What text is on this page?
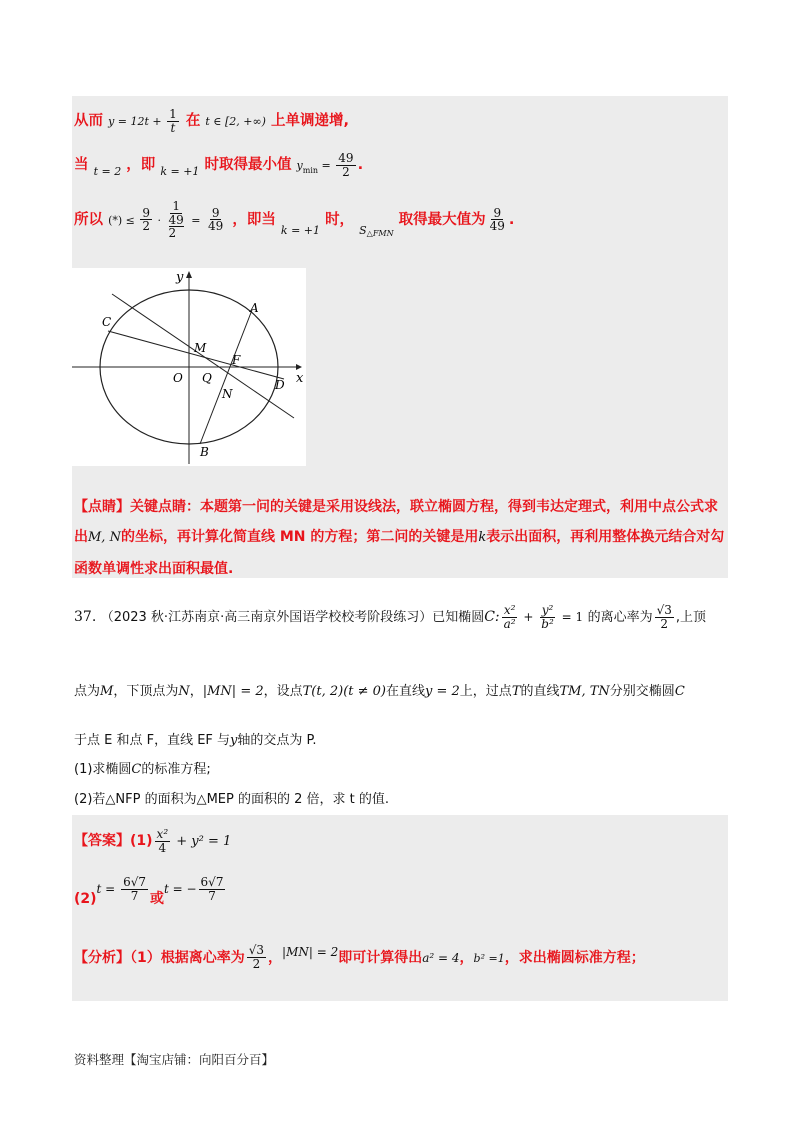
从而 $y = 12t + \frac{1}{t}$ 在 t ∈ [2, +∞) 上单调递增,
当 $_{t = 2}$ ，即 $_{k = +1}$ 时取得最小值 $y_{min} = \frac{49}{2}$ .
所以 (*) ≤ $\frac{9}{2} \cdot 1$
49
$2 = \frac{9}{49}$ ，即当 $_{k = +1}$ 时， $_{S\triangle FMN}$ 取得最大值为 $\frac{9}{49}$ .
y
x
A
B
C
D
M
F
O Q
N
【点睛】关键点睛：本题第一问的关键是采用设线法，联立椭圆方程，得到韦达定理式，利用中点公式求
出M, N的坐标，再计算化简直线 MN 的方程；第二问的关键是用k表示出面积，再利用整体换元结合对勾
函数单调性求出面积最值.
37. （2023 秋·江苏南京·高三南京外国语学校校考阶段练习）已知椭圆C: $\frac{\text{x²}}{\text{a²}} + \frac{\text{y²}}{\text{b²}} = 1$ 的离心率为 $\frac{√3}{2}$ ,上顶
点为M，下顶点为N，|MN| = 2，设点T(t, 2)(t ≠ 0)在直线y = 2上，过点T的直线TM, TN分别交椭圆C
于点 E 和点 F，直线 EF 与y轴的交点为 P.
(1)求椭圆C的标准方程;
(2)若△NFP 的面积为△MEP 的面积的 2 倍，求 t 的值.
【答案】$(1) \frac{\text{x²}}{4} + y^2 = 1$
$(2)t = \frac{6√7}{7}$ 或t = − $\frac{6√7}{7}$
【分析】（1）根据离心率为 $\frac{√3}{2}$ ，|MN| = 2即可计算得出a² = 4，b² =1，求出椭圆标准方程；
资料整理【淘宝店铺：向阳百分百】
